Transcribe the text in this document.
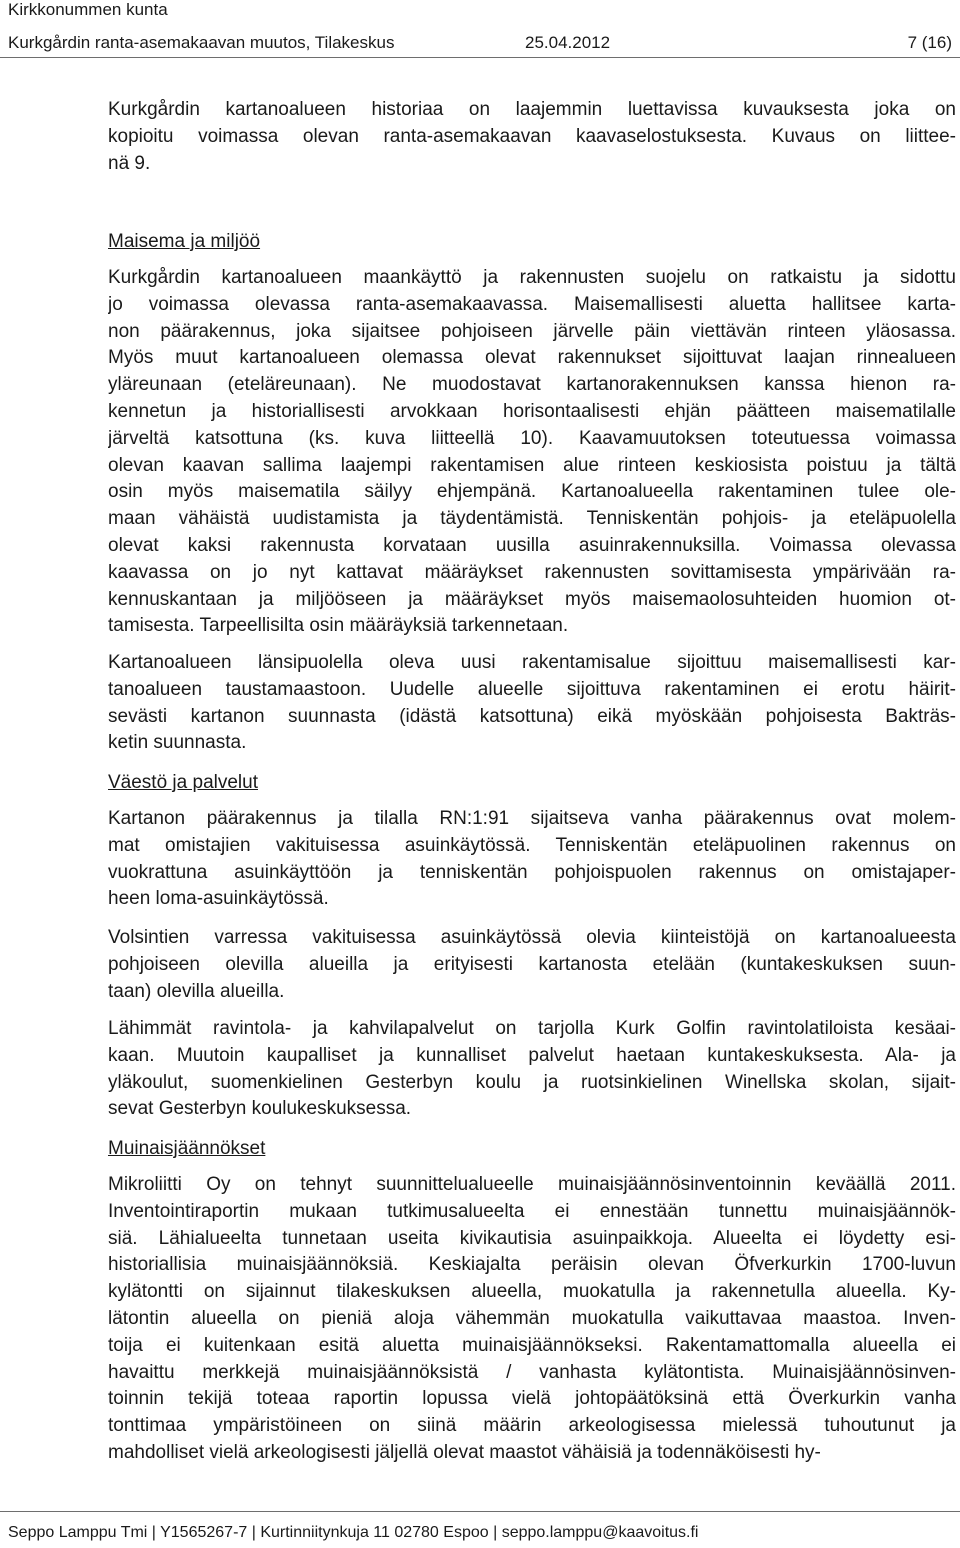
Kirkkonummen kunta
Kurkgårdin ranta-asemakaavan muutos, Tilakeskus	25.04.2012	7 (16)
Kurkgårdin kartanoalueen historiaa on laajemmin luettavissa kuvauksesta joka on
kopioitu voimassa olevan ranta-asemakaavan kaavaselostuksesta. Kuvaus on liittee-
nä 9.
Maisema ja miljöö
Kurkgårdin kartanoalueen maankäyttö ja rakennusten suojelu on ratkaistu ja sidottu
jo voimassa olevassa ranta-asemakaavassa. Maisemallisesti aluetta hallitsee karta-
non päärakennus, joka sijaitsee pohjoiseen järvelle päin viettävän rinteen yläosassa.
Myös muut kartanoalueen olemassa olevat rakennukset sijoittuvat laajan rinnealueen
yläreunaan (eteläreunaan). Ne muodostavat kartanorakennuksen kanssa hienon ra-
kennetun ja historiallisesti arvokkaan horisontaalisesti ehjän päätteen maisematilalle
järveltä katsottuna (ks. kuva liitteellä 10). Kaavamuutoksen toteutuessa voimassa
olevan kaavan sallima laajempi rakentamisen alue rinteen keskiosista poistuu ja tältä
osin myös maisematila säilyy ehjempänä. Kartanoalueella rakentaminen tulee ole-
maan vähäistä uudistamista ja täydentämistä. Tenniskentän pohjois- ja eteläpuolella
olevat kaksi rakennusta korvataan uusilla asuinrakennuksilla. Voimassa olevassa
kaavassa on jo nyt kattavat määräykset rakennusten sovittamisesta ympärivään ra-
kennuskantaan ja miljööseen ja määräykset myös maisemaolosuhteiden huomion ot-
tamisesta. Tarpeellisilta osin määräyksiä tarkennetaan.
Kartanoalueen länsipuolella oleva uusi rakentamisalue sijoittuu maisemallisesti kar-
tanoalueen taustamaastoon. Uudelle alueelle sijoittuva rakentaminen ei erotu häirit-
sevästi kartanon suunnasta (idästä katsottuna) eikä myöskään pohjoisesta Bakträs-
ketin suunnasta.
Väestö ja palvelut
Kartanon päärakennus ja tilalla RN:1:91 sijaitseva vanha päärakennus ovat molem-
mat omistajien vakituisessa asuinkäytössä. Tenniskentän eteläpuolinen rakennus on
vuokrattuna asuinkäyttöön ja tenniskentän pohjoispuolen rakennus on omistajaper-
heen loma-asuinkäytössä.
Volsintien varressa vakituisessa asuinkäytössä olevia kiinteistöjä on kartanoalueesta
pohjoiseen olevilla alueilla ja erityisesti kartanosta etelään (kuntakeskuksen suun-
taan) olevilla alueilla.
Lähimmät ravintola- ja kahvilapalvelut on tarjolla Kurk Golfin ravintolatiloista kesäai-
kaan. Muutoin kaupalliset ja kunnalliset palvelut haetaan kuntakeskuksesta. Ala- ja
yläkoulut, suomenkielinen Gesterbyn koulu ja ruotsinkielinen Winellska skolan, sijait-
sevat Gesterbyn koulukeskuksessa.
Muinaisjäännökset
Mikroliitti Oy on tehnyt suunnittelualueelle muinaisjäännösinventoinnin keväällä 2011.
Inventointiraportin mukaan tutkimusalueelta ei ennestään tunnettu muinaisjäännök-
siä. Lähialueelta tunnetaan useita kivikautisia asuinpaikkoja. Alueelta ei löydetty esi-
historiallisia muinaisjäännöksiä. Keskiajalta peräisin olevan Öfverkurkin 1700-luvun
kylätontti on sijainnut tilakeskuksen alueella, muokatulla ja rakennetulla alueella. Ky-
lätontin alueella on pieniä aloja vähemmän muokatulla vaikuttavaa maastoa. Inven-
toija ei kuitenkaan esitä aluetta muinaisjäännökseksi. Rakentamattomalla alueella ei
havaittu merkkejä muinaisjäännöksistä / vanhasta kylätontista. Muinaisjäännösinven-
toinnin tekijä toteaa raportin lopussa vielä johtopäätöksinä että Överkurkin vanha
tonttimaa ympäristöineen on siinä määrin arkeologisessa mielessä tuhoutunut ja
mahdolliset vielä arkeologisesti jäljellä olevat maastot vähäisiä ja todennäköisesti hy-
Seppo Lamppu Tmi | Y1565267-7 | Kurtinniitynkuja 11 02780 Espoo | seppo.lamppu@kaavoitus.fi
